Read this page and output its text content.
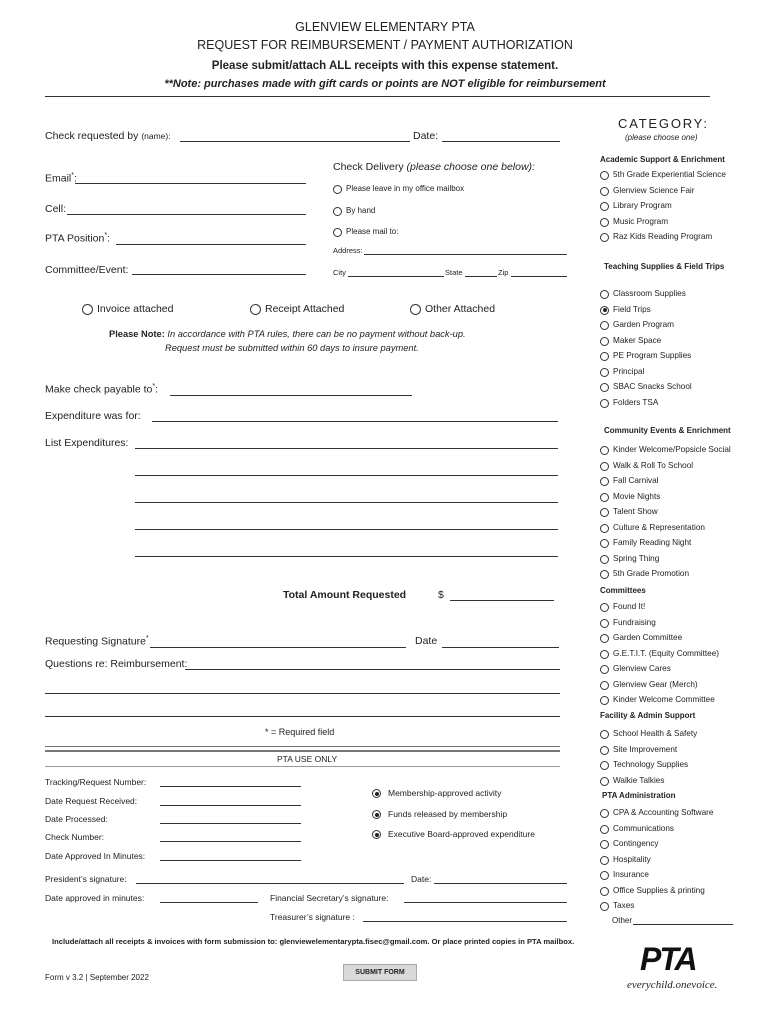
GLENVIEW ELEMENTARY PTA
REQUEST FOR REIMBURSEMENT / PAYMENT AUTHORIZATION
Please submit/attach ALL receipts with this expense statement.
**Note: purchases made with gift cards or points are NOT eligible for reimbursement
Check requested by (name):	Date:
Email*:
Cell:
PTA Position*:
Committee/Event:
Check Delivery (please choose one below):
Please leave in my office mailbox
By hand
Please mail to:
Address:
City	State	Zip
Invoice attached	Receipt Attached	Other Attached
Please Note: In accordance with PTA rules, there can be no payment without back-up.
Request must be submitted within 60 days to insure payment.
Make check payable to*:
Expenditure was for:
List Expenditures:
Total Amount Requested	$
Requesting Signature*	Date
Questions re: Reimbursement:
* = Required field
PTA USE ONLY
Tracking/Request Number:
Date Request Received:
Date Processed:
Check Number:
Date Approved In Minutes:
Membership-approved activity
Funds released by membership
Executive Board-approved expenditure
President’s signature:	Date:
Date approved in minutes:	Financial Secretary’s signature:
Treasurer’s signature :
CATEGORY:
(please choose one)
Academic Support & Enrichment
5th Grade Experiential Science
Glenview Science Fair
Library Program
Music Program
Raz Kids Reading Program
Teaching Supplies & Field Trips
Classroom Supplies
Field Trips
Garden Program
Maker Space
PE Program Supplies
Principal
SBAC Snacks School
Folders TSA
Community Events & Enrichment
Kinder Welcome/Popsicle Social
Walk & Roll To School
Fall Carnival
Movie Nights
Talent Show
Culture & Representation
Family Reading Night
Spring Thing
5th Grade Promotion
Committees
Found It!
Fundraising
Garden Committee
G.E.T.I.T. (Equity Committee)
Glenview Cares
Glenview Gear (Merch)
Kinder Welcome Committee
Facility & Admin Support
School Health & Safety
Site Improvement
Technology Supplies
Walkie Talkies
PTA Administration
CPA & Accounting Software
Communications
Contingency
Hospitality
Insurance
Office Supplies & printing
Taxes
Other
Include/attach all receipts & invoices with form submission to: glenviewelementarypta.fisec@gmail.com. Or place printed copies in PTA mailbox.
Form v 3.2 | September 2022
SUBMIT FORM	PTA
everychild.onevoice.
